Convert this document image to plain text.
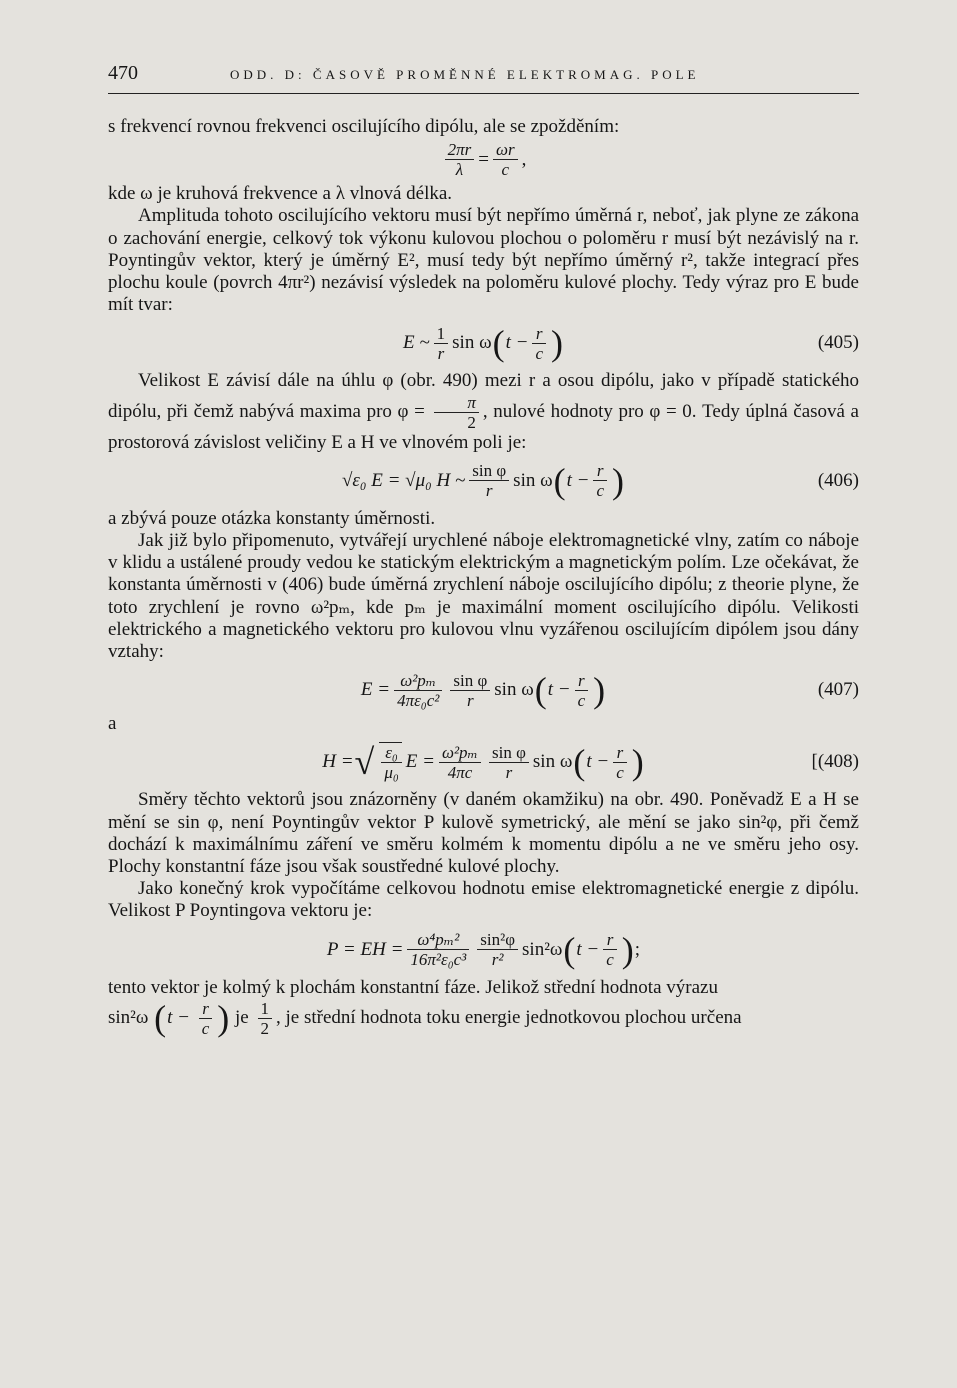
470	ODD. D: ČASOVĚ PROMĚNNÉ ELEKTROMAG. POLE

s frekvencí rovnou frekvenci oscilujícího dipólu, ale se zpožděním:

$\frac{2\pi r}{\lambda} = \frac{\omega r}{c}$ ,

kde ω je kruhová frekvence a λ vlnová délka.

Amplituda tohoto oscilujícího vektoru musí být nepřímo úměrná r, neboť, jak plyne ze zákona o zachování energie, celkový tok výkonu kulovou plochou o poloměru r musí být nezávislý na r. Poyntingův vektor, který je úměrný E², musí tedy být nepřímo úměrný r², takže integrací přes plochu koule (povrch 4πr²) nezávisí výsledek na poloměru kulové plochy. Tedy výraz pro E bude mít tvar:

E ~ $\frac{1}{r}$ sin ω ( $t - \frac{r}{c}$ )	(405)

Velikost E závisí dále na úhlu φ (obr. 490) mezi r a osou dipólu, jako v případě statického dipólu, při čemž nabývá maxima pro $\varphi = \frac{\pi}{2}$ , nulové hodnoty pro φ = 0. Tedy úplná časová a prostorová závislost veličiny E a H ve vlnovém poli je:

√ε₀ E = √μ₀ H ~ $\frac{\text{sin φ}}{r}$ sin ω ( $t - \frac{r}{c}$ )	(406)

a zbývá pouze otázka konstanty úměrnosti.

Jak již bylo připomenuto, vytvářejí urychlené náboje elektromagnetické vlny, zatím co náboje v klidu a ustálené proudy vedou ke statickým elektrickým a magnetickým polím. Lze očekávat, že konstanta úměrnosti v (406) bude úměrná zrychlení náboje oscilujícího dipólu; z theorie plyne, že toto zrychlení je rovno ω²pₘ, kde pₘ je maximální moment oscilujícího dipólu. Velikosti elektrického a magnetického vektoru pro kulovou vlnu vyzářenou oscilujícím dipólem jsou dány vztahy:

$E = \frac{\text{ω²pₘ}}{\text{4πε₀c²}} \frac{\text{sin φ}}{r}$ sin ω ( $t - \frac{r}{c}$ )	(407)

a

H = √ $\frac{\text{ε₀}}{\text{μ₀}}$ $E = \frac{\text{ω²pₘ}}{4\pi c} \frac{\text{sin φ}}{r}$ sin ω ( $t - \frac{r}{c}$ )	[(408)

Směry těchto vektorů jsou znázorněny (v daném okamžiku) na obr. 490. Poněvadž E a H se mění se sin φ, není Poyntingův vektor P kulově symetrický, ale mění se jako sin²φ, při čemž dochází k maximálnímu záření ve směru kolmém k momentu dipólu a ne ve směru jeho osy. Plochy konstantní fáze jsou však soustředné kulové plochy.

Jako konečný krok vypočítáme celkovou hodnotu emise elektromagnetické energie z dipólu. Velikost P Poyntingova vektoru je:

P = EH = $\frac{\text{ω⁴pₘ²}}{\text{16π²ε₀c³}} \frac{\text{sin²φ}}{\text{r²}} \sin^2\omega$ ( $t - \frac{r}{c}$ ) ;

tento vektor je kolmý k plochám konstantní fáze. Jelikož střední hodnota výrazu

sin²ω ($t - \frac{r}{c}$ ) je $\frac{1}{2}$ , je střední hodnota toku energie jednotkovou plochou určena
